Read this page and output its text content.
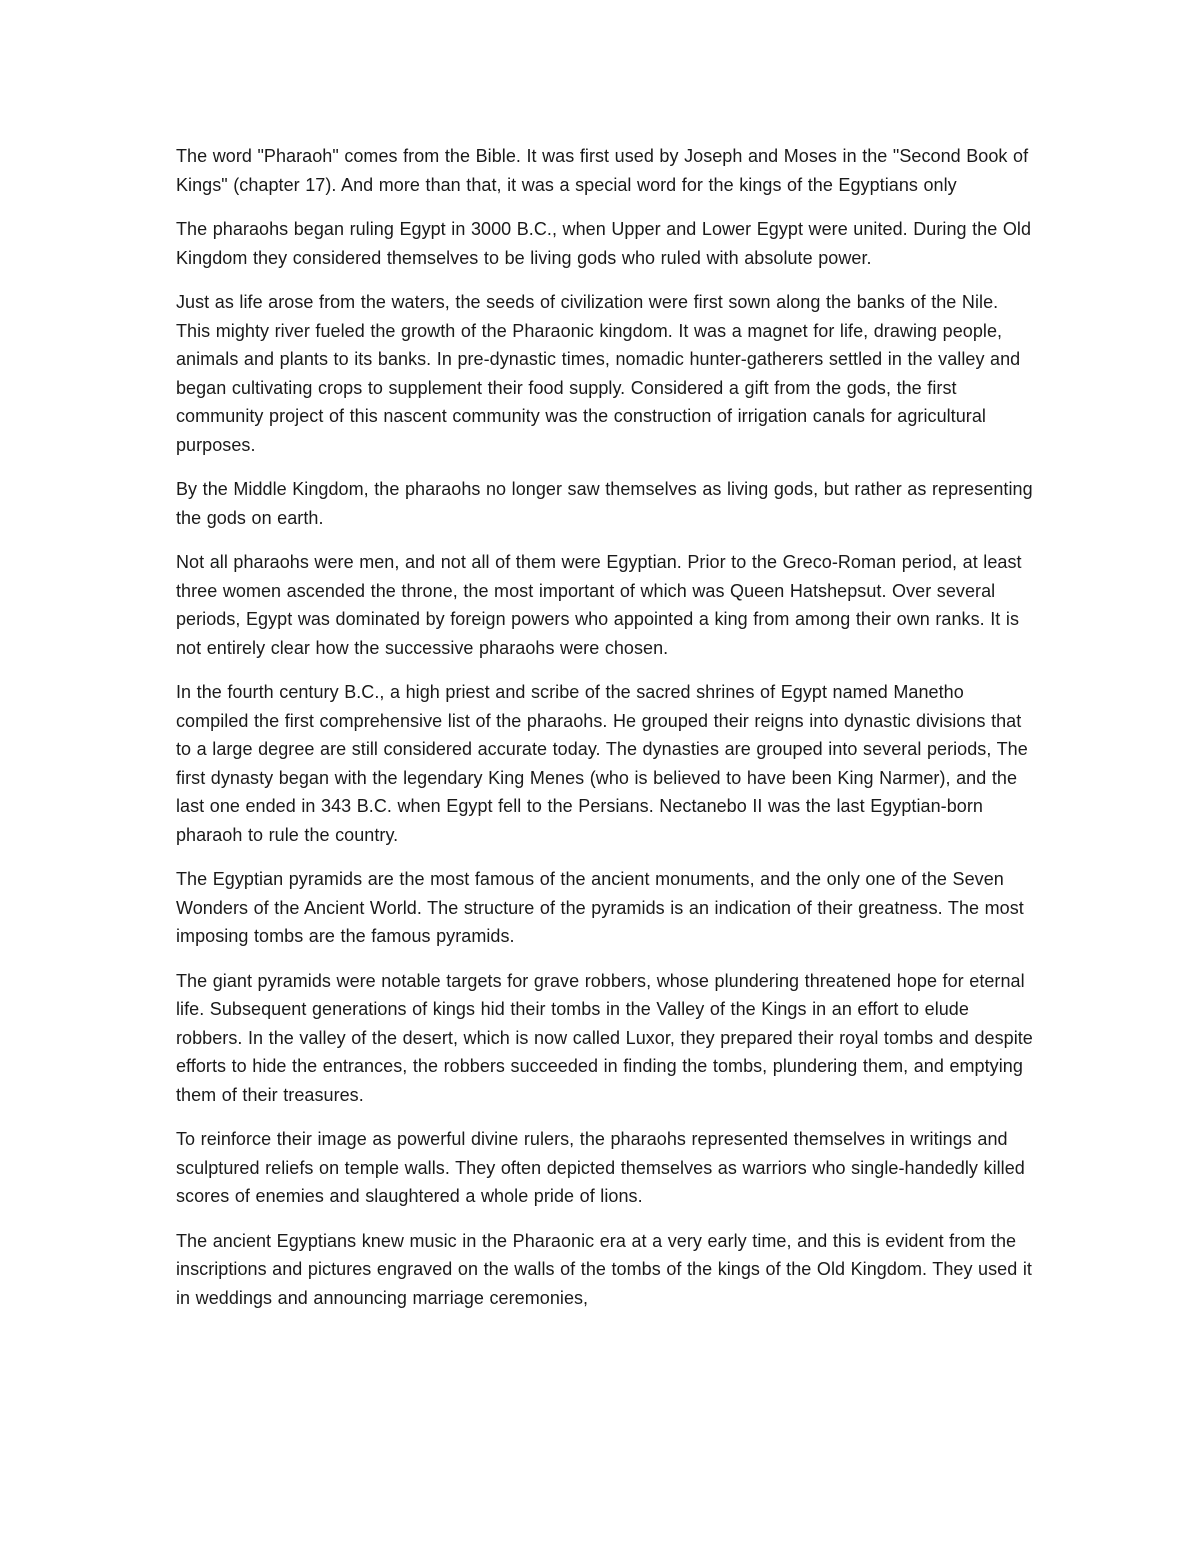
The word "Pharaoh" comes from the Bible. It was first used by Joseph and Moses in the "Second Book of Kings" (chapter 17). And more than that, it was a special word for the kings of the Egyptians only

The pharaohs began ruling Egypt in 3000 B.C., when Upper and Lower Egypt were united. During the Old Kingdom they considered themselves to be living gods who ruled with absolute power.

Just as life arose from the waters, the seeds of civilization were first sown along the banks of the Nile. This mighty river fueled the growth of the Pharaonic kingdom. It was a magnet for life, drawing people, animals and plants to its banks. In pre-dynastic times, nomadic hunter-gatherers settled in the valley and began cultivating crops to supplement their food supply. Considered a gift from the gods, the first community project of this nascent community was the construction of irrigation canals for agricultural purposes.

By the Middle Kingdom, the pharaohs no longer saw themselves as living gods, but rather as representing the gods on earth.

Not all pharaohs were men, and not all of them were Egyptian. Prior to the Greco-Roman period, at least three women ascended the throne, the most important of which was Queen Hatshepsut. Over several periods, Egypt was dominated by foreign powers who appointed a king from among their own ranks. It is not entirely clear how the successive pharaohs were chosen.

In the fourth century B.C., a high priest and scribe of the sacred shrines of Egypt named Manetho compiled the first comprehensive list of the pharaohs. He grouped their reigns into dynastic divisions that to a large degree are still considered accurate today. The dynasties are grouped into several periods, The first dynasty began with the legendary King Menes (who is believed to have been King Narmer), and the last one ended in 343 B.C. when Egypt fell to the Persians. Nectanebo II was the last Egyptian-born pharaoh to rule the country.

The Egyptian pyramids are the most famous of the ancient monuments, and the only one of the Seven Wonders of the Ancient World. The structure of the pyramids is an indication of their greatness. The most imposing tombs are the famous pyramids.

The giant pyramids were notable targets for grave robbers, whose plundering threatened hope for eternal life. Subsequent generations of kings hid their tombs in the Valley of the Kings in an effort to elude robbers. In the valley of the desert, which is now called Luxor, they prepared their royal tombs and despite efforts to hide the entrances, the robbers succeeded in finding the tombs, plundering them, and emptying them of their treasures.

To reinforce their image as powerful divine rulers, the pharaohs represented themselves in writings and sculptured reliefs on temple walls. They often depicted themselves as warriors who single-handedly killed scores of enemies and slaughtered a whole pride of lions.

The ancient Egyptians knew music in the Pharaonic era at a very early time, and this is evident from the inscriptions and pictures engraved on the walls of the tombs of the kings of the Old Kingdom. They used it in weddings and announcing marriage ceremonies,
